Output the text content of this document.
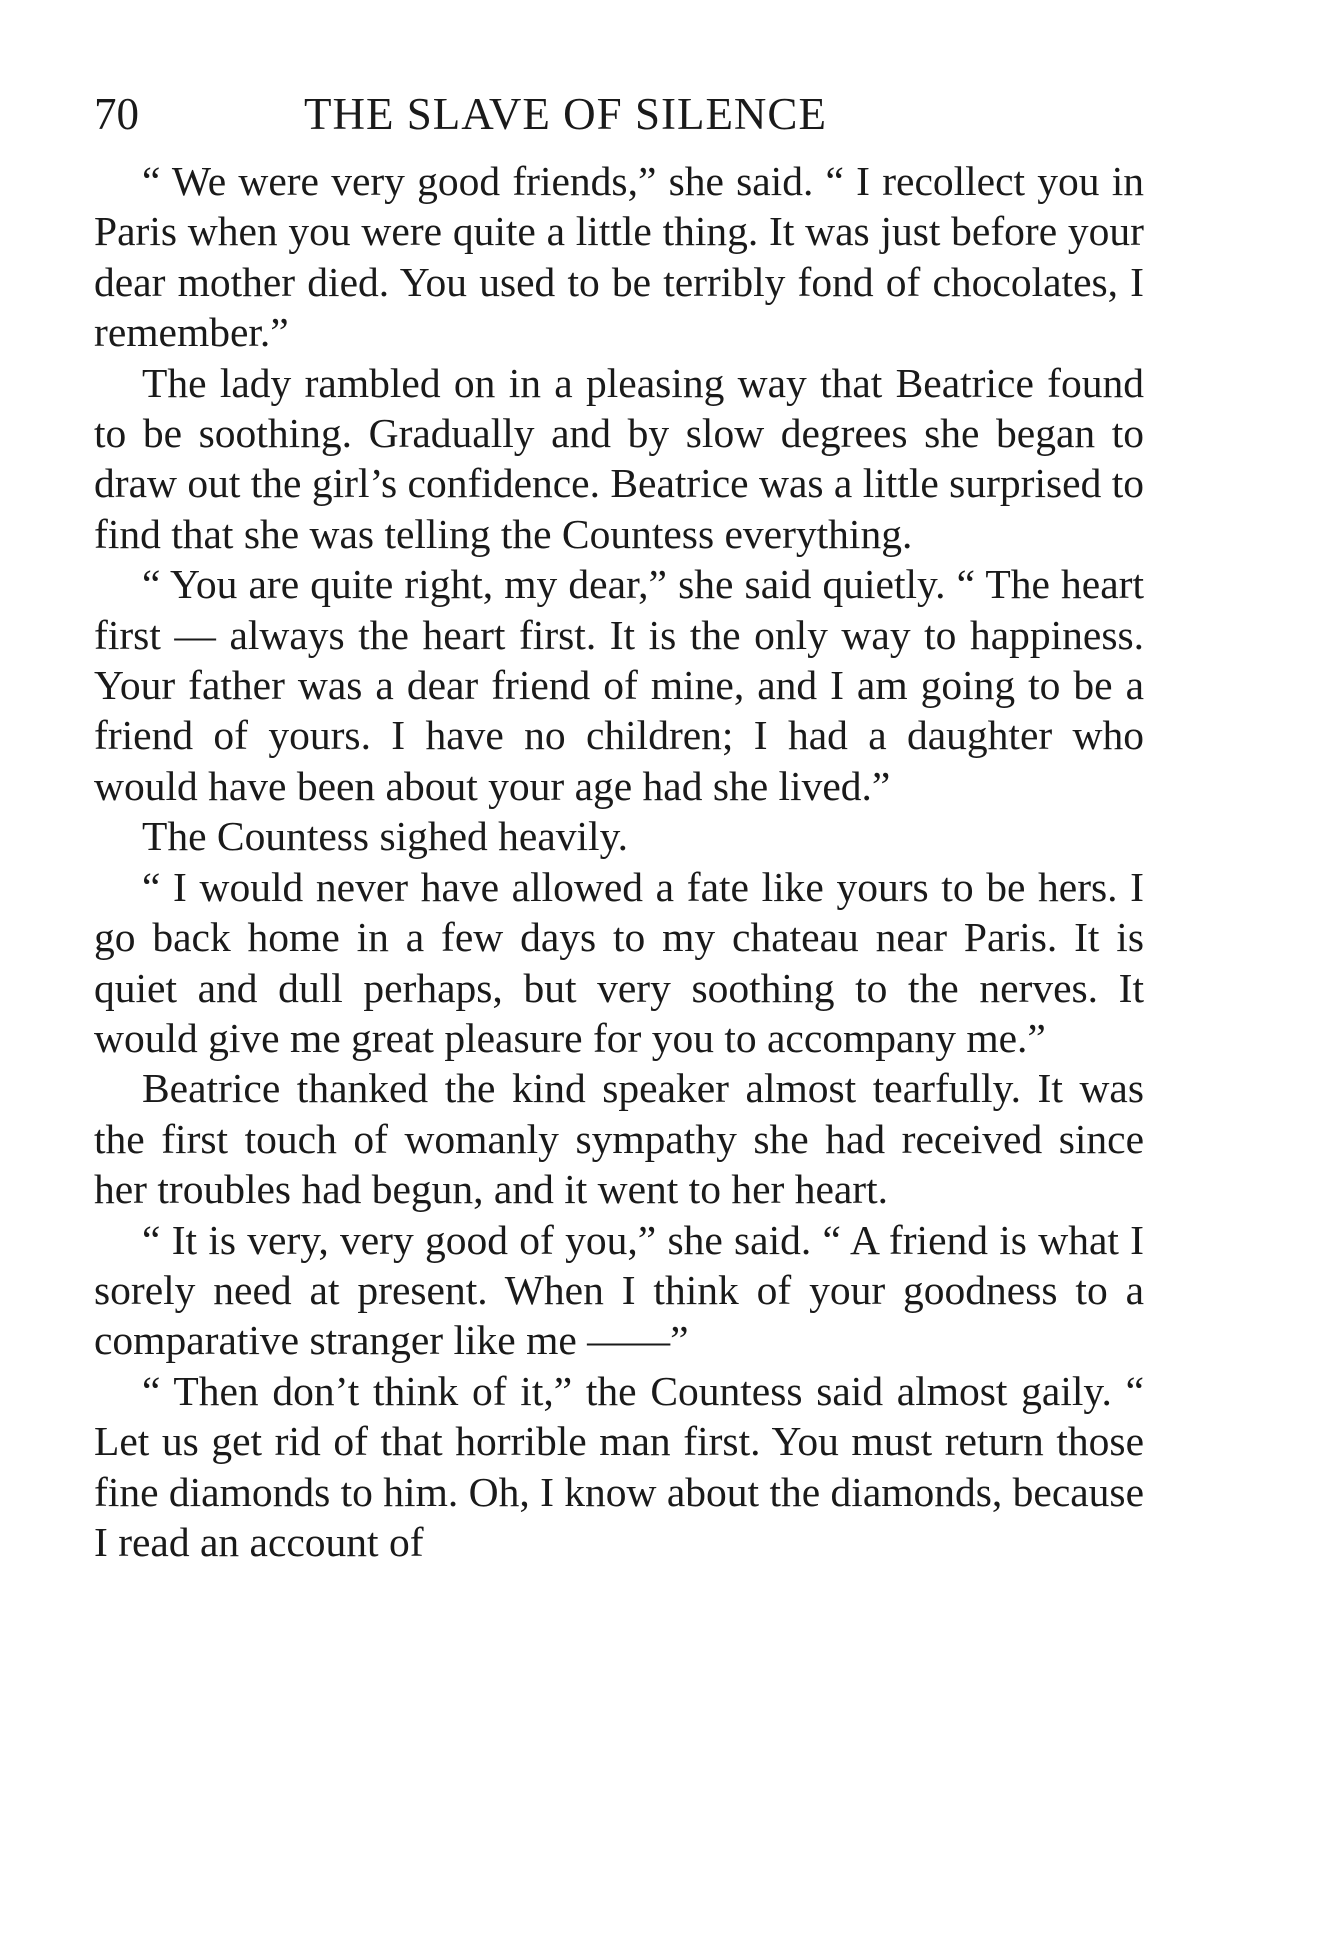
70	THE SLAVE OF SILENCE

“ We were very good friends,” she said. “ I recollect you in Paris when you were quite a little thing. It was just before your dear mother died. You used to be terribly fond of chocolates, I remember.”

The lady rambled on in a pleasing way that Beatrice found to be soothing. Gradually and by slow degrees she began to draw out the girl’s confidence. Beatrice was a little surprised to find that she was telling the Countess everything.

“ You are quite right, my dear,” she said quietly. “ The heart first — always the heart first. It is the only way to happiness. Your father was a dear friend of mine, and I am going to be a friend of yours. I have no children; I had a daughter who would have been about your age had she lived.”

The Countess sighed heavily.

“ I would never have allowed a fate like yours to be hers. I go back home in a few days to my chateau near Paris. It is quiet and dull perhaps, but very soothing to the nerves. It would give me great pleasure for you to accompany me.”

Beatrice thanked the kind speaker almost tearfully. It was the first touch of womanly sympathy she had received since her troubles had begun, and it went to her heart.

“ It is very, very good of you,” she said. “ A friend is what I sorely need at present. When I think of your goodness to a comparative stranger like me ——”

“ Then don’t think of it,” the Countess said almost gaily. “ Let us get rid of that horrible man first. You must return those fine diamonds to him. Oh, I know about the diamonds, because I read an account of
